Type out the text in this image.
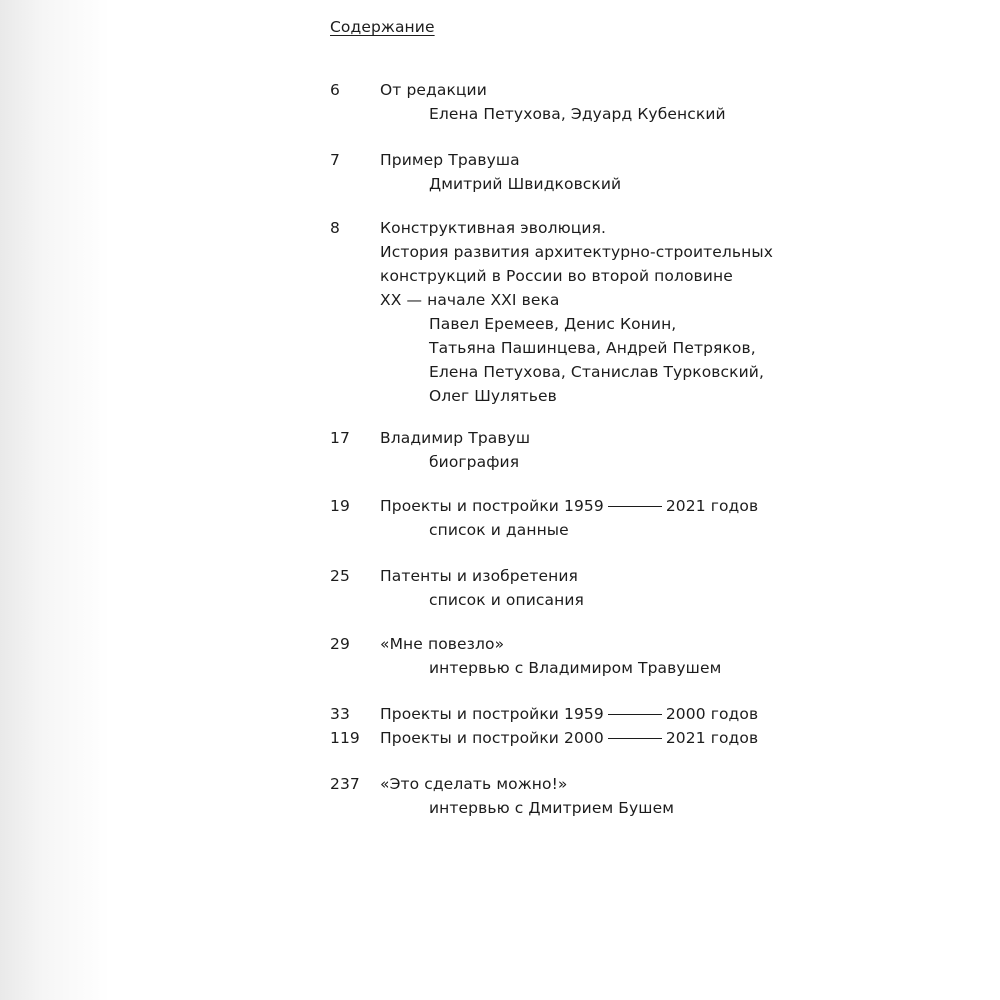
Содержание
6	От редакции
Елена Петухова, Эдуард Кубенский
7	Пример Травуша
Дмитрий Швидковский
8	Конструктивная эволюция.
История развития архитектурно-строительных
конструкций в России во второй половине
XX — начале XXI века
Павел Еремеев, Денис Конин,
Татьяна Пашинцева, Андрей Петряков,
Елена Петухова, Станислав Турковский,
Олег Шулятьев
17 Владимир Травуш
биография
19 Проекты и постройки 1959	2021 годов
список и данные
25 Патенты и изобретения
список и описания
29 «Мне повезло»
интервью с Владимиром Травушем
33 Проекты и постройки 1959	2000 годов
119 Проекты и постройки 2000	2021 годов
237 «Это сделать можно!»
интервью с Дмитрием Бушем
